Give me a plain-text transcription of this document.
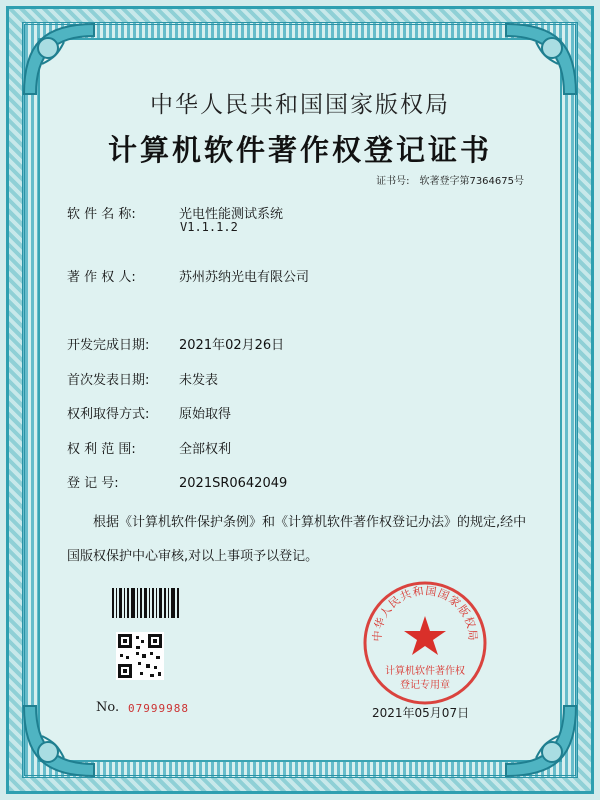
中华人民共和国国家版权局
计算机软件著作权登记证书
证书号: 软著登字第7364675号
软 件 名 称:	光电性能测试系统
V1.1.1.2
著 作 权 人:	苏州苏纳光电有限公司
开发完成日期: 2021年02月26日
首次发表日期: 未发表
权利取得方式: 原始取得
权 利 范 围:	全部权利
登 记 号:	2021SR0642049
根据《计算机软件保护条例》和《计算机软件著作权登记办法》的规定,经中国版权保护中心审核,对以上事项予以登记。
No. 07999988
中华人民共和国国家版权局
计算机软件著作权
登记专用章
2021年05月07日
